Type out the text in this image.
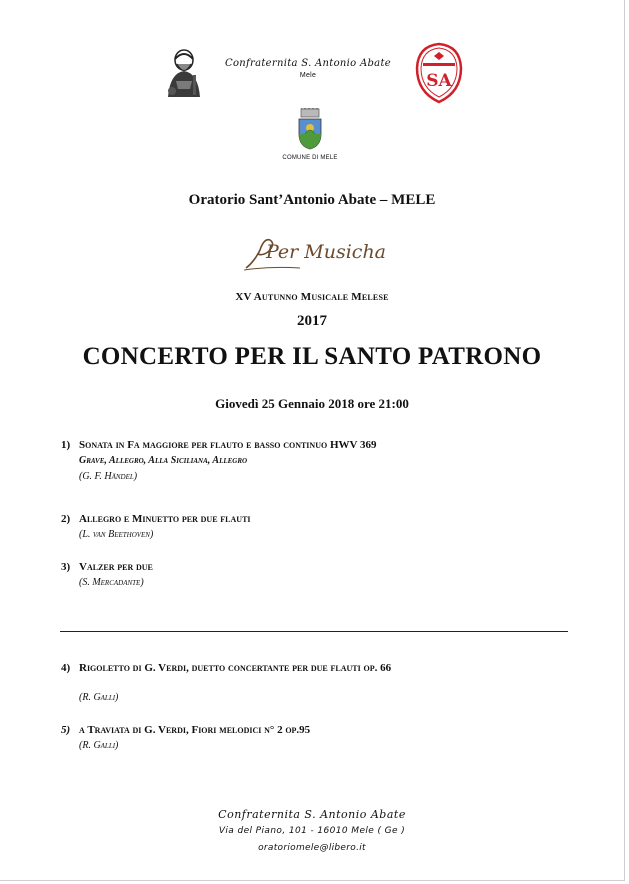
Confraternita S. Antonio Abate
Mele	SA
COMUNE DI MELE
Oratorio Sant’Antonio Abate – MELE
Per Musicha
XV Autunno Musicale Melese
2017
CONCERTO PER IL SANTO PATRONO
Giovedì 25 Gennaio 2018 ore 21:00
1) Sonata in Fa maggiore per flauto e basso continuo HWV 369
Grave, Allegro, Alla Siciliana, Allegro
(G. F. Händel)
2) Allegro e Minuetto per due flauti
(L. van Beethoven)
3) Valzer per due
(S. Mercadante)
4) Rigoletto di G. Verdi, duetto concertante per due flauti op. 66
(R. Galli)
5) a Traviata di G. Verdi, Fiori melodici n° 2 op.95
(R. Galli)
Confraternita S. Antonio Abate
Via del Piano, 101 - 16010 Mele ( Ge )
oratoriomele@libero.it
